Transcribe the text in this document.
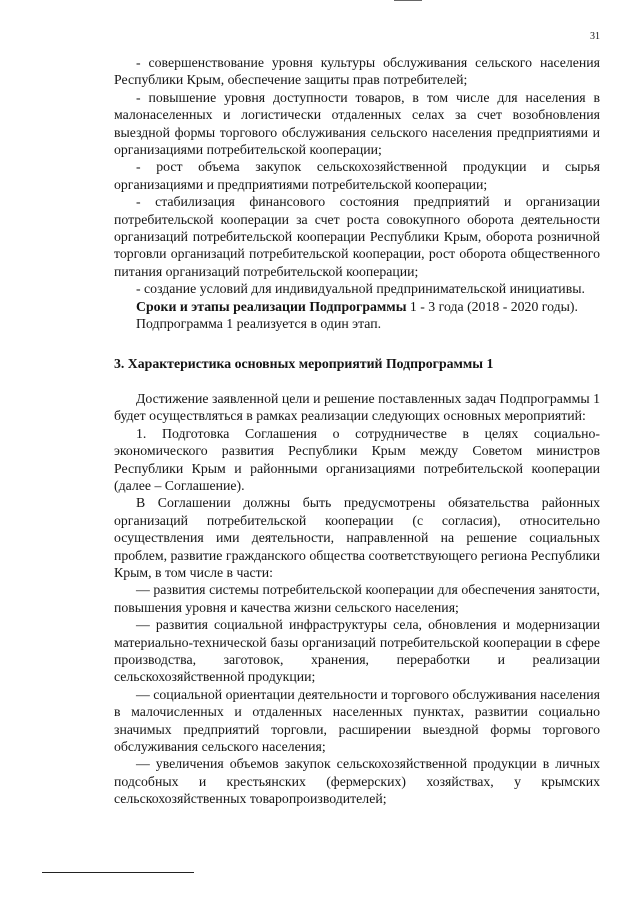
31

- совершенствование уровня культуры обслуживания сельского населения Республики Крым, обеспечение защиты прав потребителей;

- повышение уровня доступности товаров, в том числе для населения в малонаселенных и логистически отдаленных селах за счет возобновления выездной формы торгового обслуживания сельского населения предприятиями и организациями потребительской кооперации;

- рост объема закупок сельскохозяйственной продукции и сырья организациями и предприятиями потребительской кооперации;

- стабилизация финансового состояния предприятий и организации потребительской кооперации за счет роста совокупного оборота деятельности организаций потребительской кооперации Республики Крым, оборота розничной торговли организаций потребительской кооперации, рост оборота общественного питания организаций потребительской кооперации;

- создание условий для индивидуальной предпринимательской инициативы.

Сроки и этапы реализации Подпрограммы 1 - 3 года (2018 - 2020 годы).

Подпрограмма 1 реализуется в один этап.

3. Характеристика основных мероприятий Подпрограммы 1

Достижение заявленной цели и решение поставленных задач Подпрограммы 1 будет осуществляться в рамках реализации следующих основных мероприятий:

1. Подготовка Соглашения о сотрудничестве в целях социально-экономического развития Республики Крым между Советом министров Республики Крым и районными организациями потребительской кооперации (далее – Соглашение).

В Соглашении должны быть предусмотрены обязательства районных организаций потребительской кооперации (с согласия), относительно осуществления ими деятельности, направленной на решение социальных проблем, развитие гражданского общества соответствующего региона Республики Крым, в том числе в части:

— развития системы потребительской кооперации для обеспечения занятости, повышения уровня и качества жизни сельского населения;

— развития социальной инфраструктуры села, обновления и модернизации материально-технической базы организаций потребительской кооперации в сфере производства, заготовок, хранения, переработки и реализации сельскохозяйственной продукции;

— социальной ориентации деятельности и торгового обслуживания населения в малочисленных и отдаленных населенных пунктах, развитии социально значимых предприятий торговли, расширении выездной формы торгового обслуживания сельского населения;

— увеличения объемов закупок сельскохозяйственной продукции в личных подсобных и крестьянских (фермерских) хозяйствах, у крымских сельскохозяйственных товаропроизводителей;
